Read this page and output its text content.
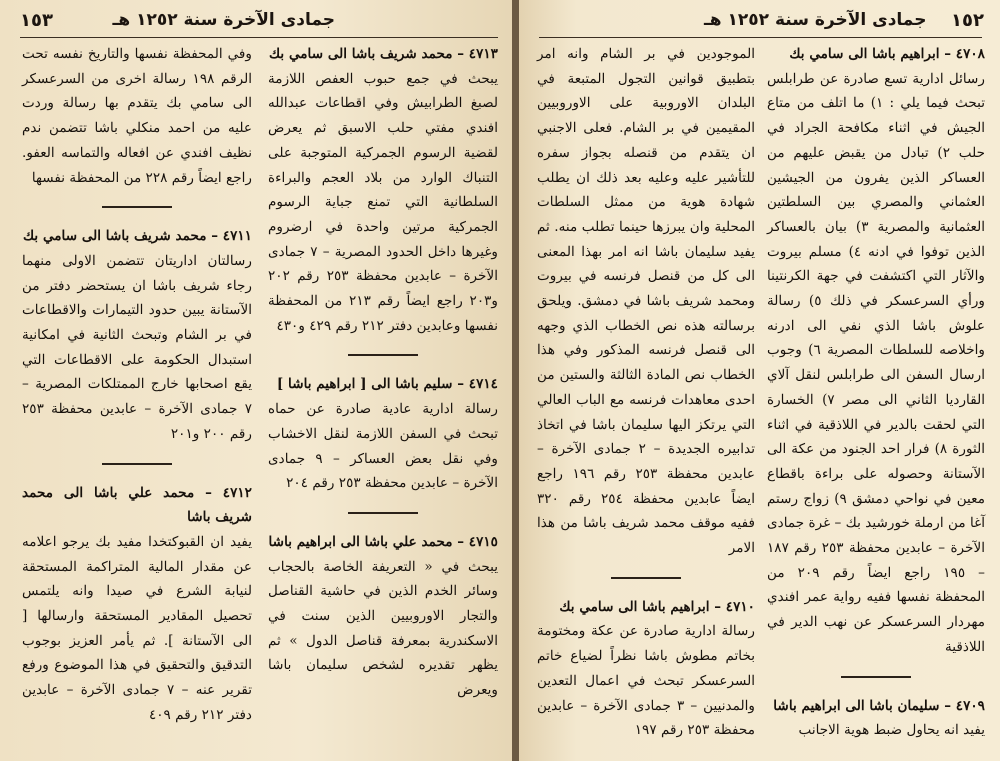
جمادى الآخرة سنة ١٢٥٢ هـ
١٥٣

٤٧١٣ – محمد شريف باشا الى سامي بك

يبحث في جمع حبوب العفص اللازمة لصبغ الطرابيش وفي اقطاعات عبدالله افندي مفتي حلب الاسبق ثم يعرض لقضية الرسوم الجمركية المتوجبة على التنباك الوارد من بلاد العجم والبراءة السلطانية التي تمنع جباية الرسوم الجمركية مرتين واحدة في ارضروم وغيرها داخل الحدود المصرية – ٧ جمادى الآخرة – عابدين محفظة ٢٥٣ رقم ٢٠٢ و٢٠٣ راجع ايضاً رقم ٢١٣ من المحفظة نفسها وعابدين دفتر ٢١٢ رقم ٤٢٩ و٤٣٠

٤٧١٤ – سليم باشا الى [ ابراهيم باشا ]

رسالة ادارية عادية صادرة عن حماه تبحث في السفن اللازمة لنقل الاخشاب وفي نقل بعض العساكر – ٩ جمادى الآخرة – عابدين محفظة ٢٥٣ رقم ٢٠٤

٤٧١٥ – محمد علي باشا الى ابراهيم باشا

يبحث في « التعريفة الخاصة بالحجاب وسائر الخدم الذين في حاشية القناصل والتجار الاوروبيين الذين سنت في الاسكندرية بمعرفة قناصل الدول » ثم يظهر تقديره لشخص سليمان باشا ويعرض

وفي المحفظة نفسها والتاريخ نفسه تحت الرقم ١٩٨ رسالة اخرى من السرعسكر الى سامي بك يتقدم بها رسالة وردت عليه من احمد منكلي باشا تتضمن ندم نظيف افندي عن افعاله والتماسه العفو. راجع ايضاً رقم ٢٢٨ من المحفظة نفسها

٤٧١١ – محمد شريف باشا الى سامي بك

رسالتان اداريتان تتضمن الاولى منهما رجاء شريف باشا ان يستحضر دفتر من الآستانة يبين حدود التيمارات والاقطاعات في بر الشام وتبحث الثانية في امكانية استبدال الحكومة على الاقطاعات التي يقع اصحابها خارج الممتلكات المصرية – ٧ جمادى الآخرة – عابدين محفظة ٢٥٣ رقم ٢٠٠ و٢٠١

٤٧١٢ – محمد علي باشا الى محمد شريف باشا

يفيد ان القبوكتخدا مفيد بك يرجو اعلامه عن مقدار المالية المتراكمة المستحقة لنيابة الشرع في صيدا وانه يلتمس تحصيل المقادير المستحقة وارسالها [ الى الآستانة ]. ثم يأمر العزيز بوجوب التدقيق والتحقيق في هذا الموضوع ورفع تقرير عنه – ٧ جمادى الآخرة – عابدين دفتر ٢١٢ رقم ٤٠٩

١٥٢
جمادى الآخرة سنة ١٢٥٢ هـ

٤٧٠٨ – ابراهيم باشا الى سامي بك

رسائل ادارية تسع صادرة عن طرابلس تبحث فيما يلي : ١) ما اتلف من متاع الجيش في اثناء مكافحة الجراد في حلب ٢) تبادل من يقبض عليهم من العساكر الذين يفرون من الجيشين العثماني والمصري بين السلطتين العثمانية والمصرية ٣) بيان بالعساكر الذين توفوا في ادنه ٤) مسلم بيروت والآثار التي اكتشفت في جهة الكرنتينا ورأي السرعسكر في ذلك ٥) رسالة علوش باشا الذي نفي الى ادرنه واخلاصه للسلطات المصرية ٦) وجوب ارسال السفن الى طرابلس لنقل آلاي القارديا الثاني الى مصر ٧) الخسارة التي لحقت بالدير في اللاذقية في اثناء الثورة ٨) فرار احد الجنود من عكة الى الآستانة وحصوله على براءة باقطاع معين في نواحي دمشق ٩) زواج رستم آغا من ارملة خورشيد بك – غرة جمادى الآخرة – عابدين محفظة ٢٥٣ رقم ١٨٧ – ١٩٥ راجع ايضاً رقم ٢٠٩ من المحفظة نفسها ففيه رواية عمر افندي مهردار السرعسكر عن نهب الدير في اللاذقية

٤٧٠٩ – سليمان باشا الى ابراهيم باشا

يفيد انه يحاول ضبط هوية الاجانب

الموجودين في بر الشام وانه امر بتطبيق قوانين التجول المتبعة في البلدان الاوروبية على الاوروبيين المقيمين في بر الشام. فعلى الاجنبي ان يتقدم من قنصله بجواز سفره للتأشير عليه وعليه بعد ذلك ان يطلب شهادة هوية من ممثل السلطات المحلية وان يبرزها حينما تطلب منه. ثم يفيد سليمان باشا انه امر بهذا المعنى الى كل من قنصل فرنسه في بيروت ومحمد شريف باشا في دمشق. ويلحق برسالته هذه نص الخطاب الذي وجهه الى قنصل فرنسه المذكور وفي هذا الخطاب نص المادة الثالثة والستين من احدى معاهدات فرنسه مع الباب العالي التي يرتكز اليها سليمان باشا في اتخاذ تدابيره الجديدة – ٢ جمادى الآخرة – عابدين محفظة ٢٥٣ رقم ١٩٦ راجع ايضاً عابدين محفظة ٢٥٤ رقم ٣٢٠ ففيه موقف محمد شريف باشا من هذا الامر

٤٧١٠ – ابراهيم باشا الى سامي بك

رسالة ادارية صادرة عن عكة ومختومة بخاتم مطوش باشا نظراً لضياع خاتم السرعسكر تبحث في اعمال التعدين والمدنيين – ٣ جمادى الآخرة – عابدين محفظة ٢٥٣ رقم ١٩٧
